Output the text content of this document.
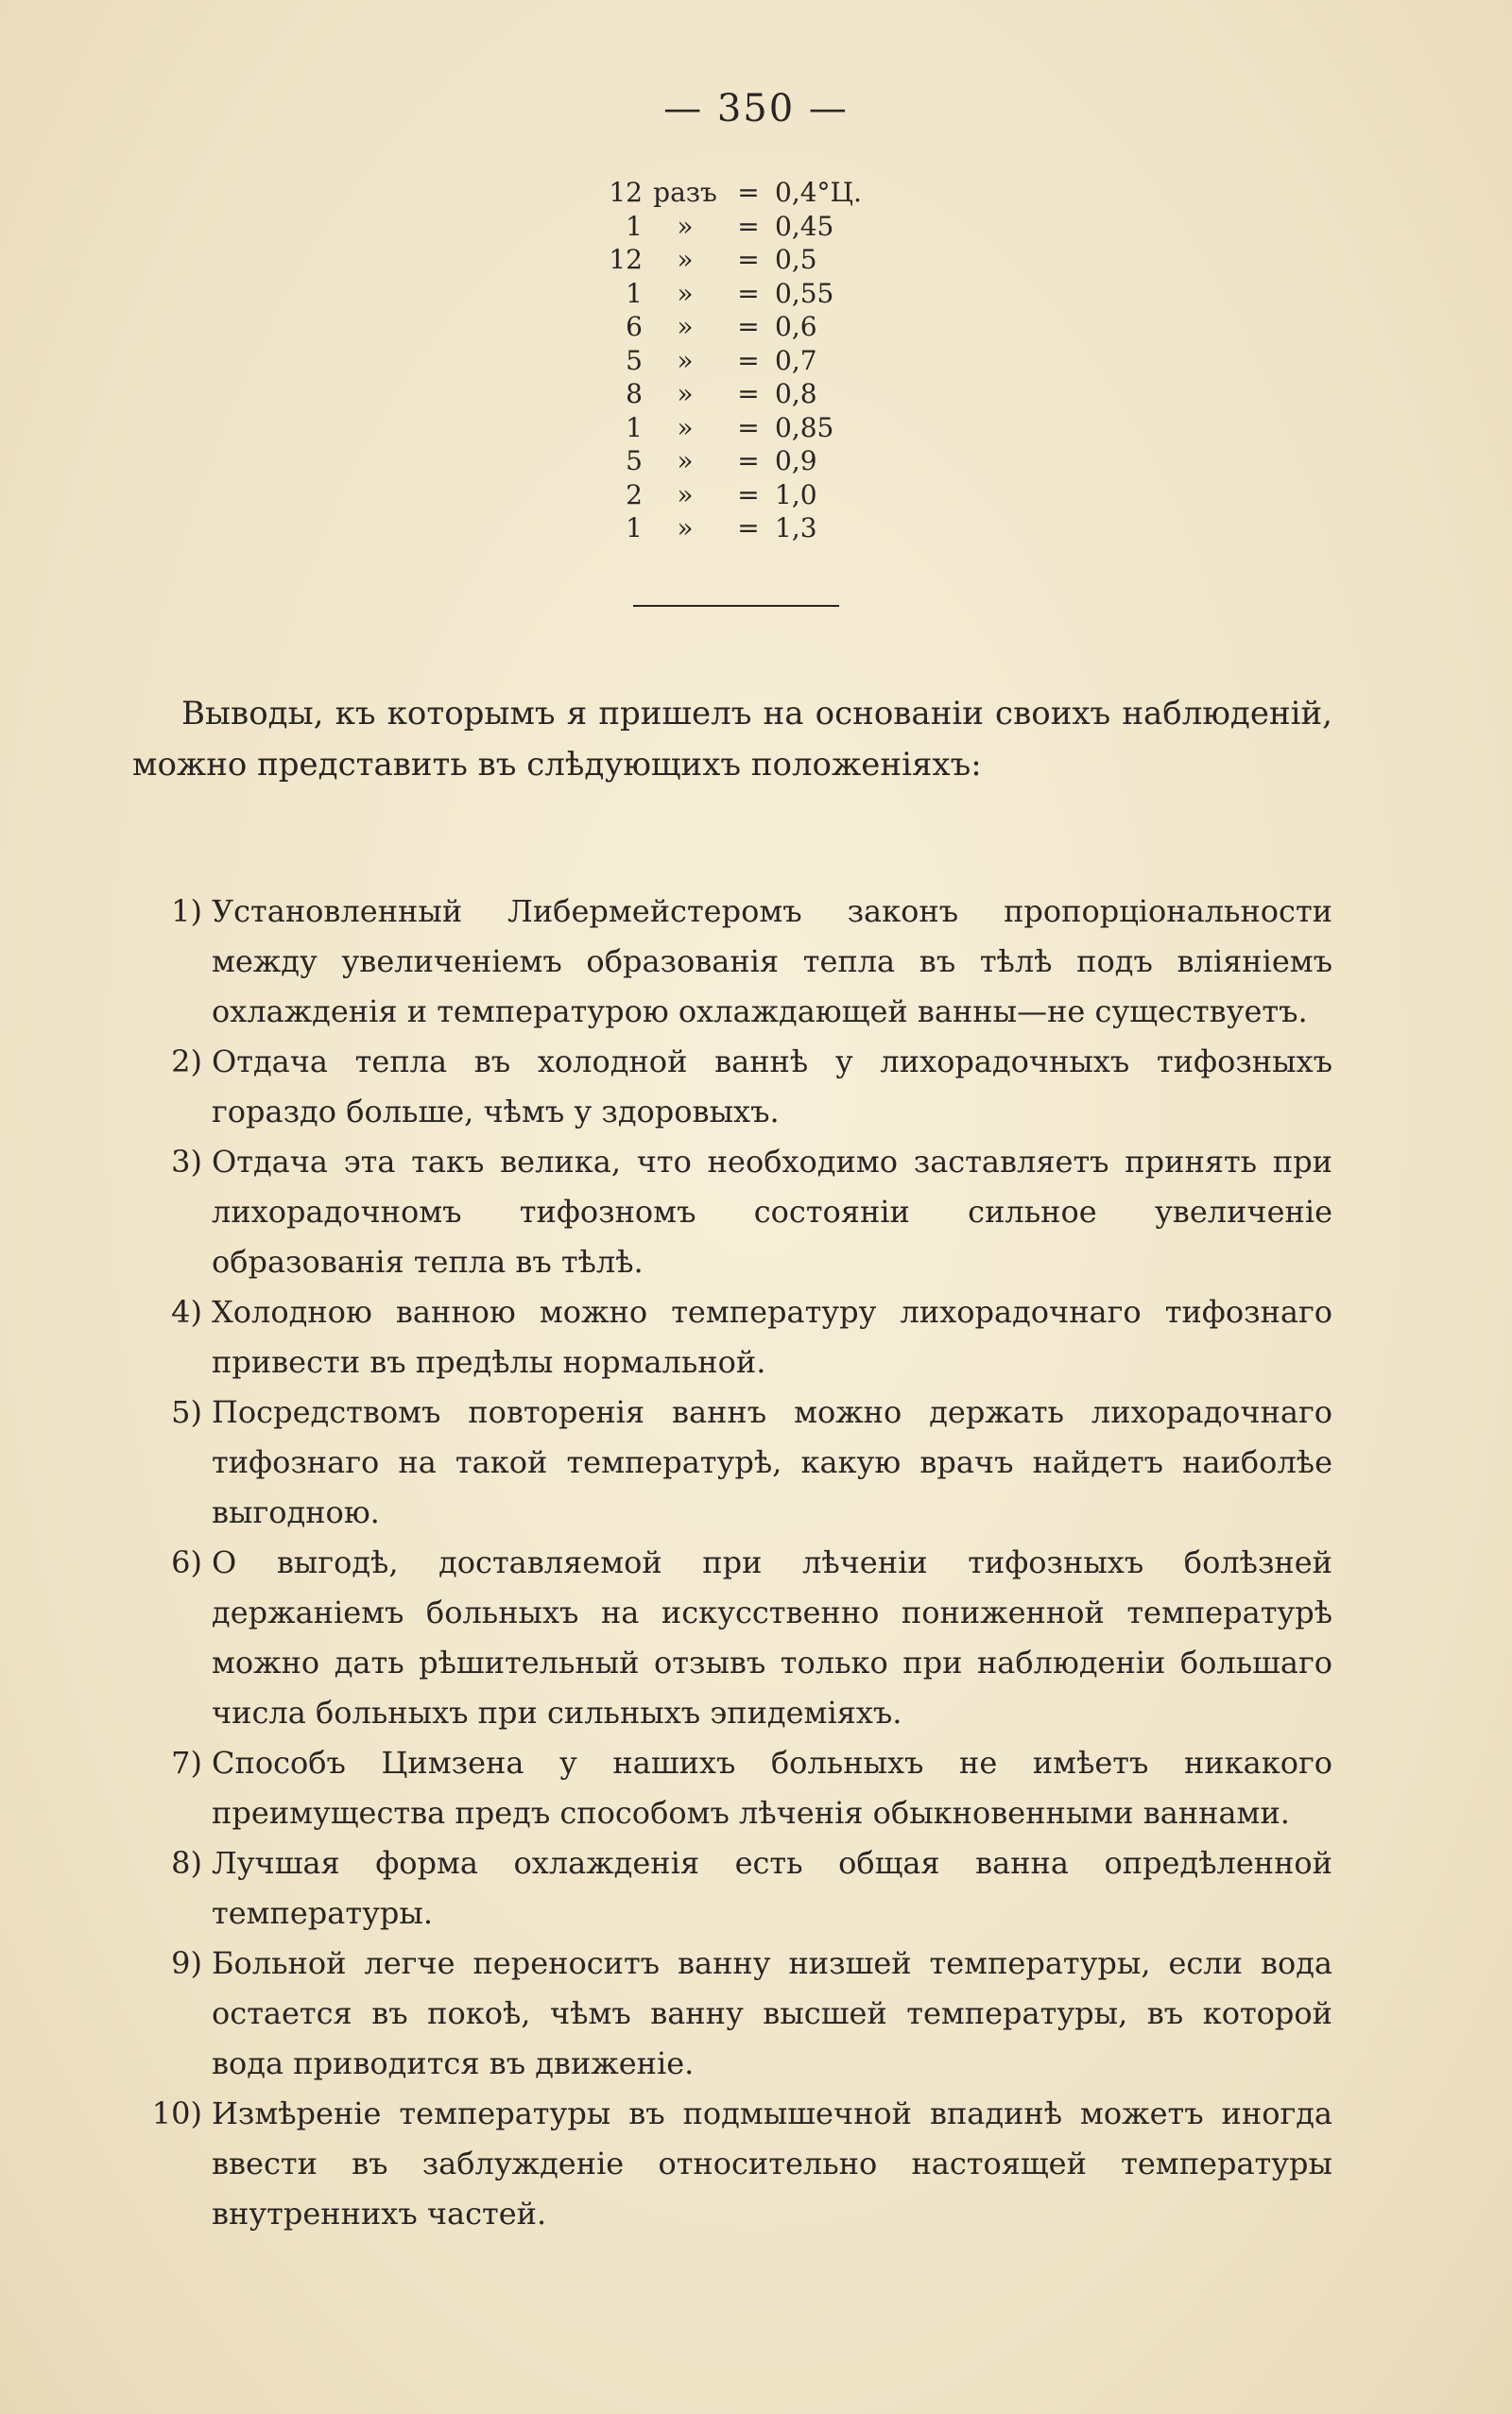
— 350 —
12 разъ = 0,4°Ц.
1	»	= 0,45
12	»	= 0,5
1	»	= 0,55
6	»	= 0,6
5	»	= 0,7
8	»	= 0,8
1	»	= 0,85
5	»	= 0,9
2	»	= 1,0
1	»	= 1,3

Выводы, къ которымъ я пришелъ на основаніи своихъ наблюденій, можно представить въ слѣдующихъ положеніяхъ:

1) Установленный Либермейстеромъ законъ пропорціональности между увеличеніемъ образованія тепла въ тѣлѣ подъ вліяніемъ охлажденія и температурою охлаждающей ванны—не существуетъ.
2) Отдача тепла въ холодной ваннѣ у лихорадочныхъ тифозныхъ гораздо больше, чѣмъ у здоровыхъ.
3) Отдача эта такъ велика, что необходимо заставляетъ принять при лихорадочномъ тифозномъ состояніи сильное увеличеніе образованія тепла въ тѣлѣ.
4) Холодною ванною можно температуру лихорадочнаго тифознаго привести въ предѣлы нормальной.
5) Посредствомъ повторенія ваннъ можно держать лихорадочнаго тифознаго на такой температурѣ, какую врачъ найдетъ наиболѣе выгодною.
6) О выгодѣ, доставляемой при лѣченіи тифозныхъ болѣзней держаніемъ больныхъ на искусственно пониженной температурѣ можно дать рѣшительный отзывъ только при наблюденіи большаго числа больныхъ при сильныхъ эпидеміяхъ.
7) Способъ Цимзена у нашихъ больныхъ не имѣетъ никакого преимущества предъ способомъ лѣченія обыкновенными ваннами.
8) Лучшая форма охлажденія есть общая ванна опредѣленной температуры.
9) Больной легче переноситъ ванну низшей температуры, если вода остается въ покоѣ, чѣмъ ванну высшей температуры, въ которой вода приводится въ движеніе.
10) Измѣреніе температуры въ подмышечной впадинѣ можетъ иногда ввести въ заблужденіе относительно настоящей температуры внутреннихъ частей.
